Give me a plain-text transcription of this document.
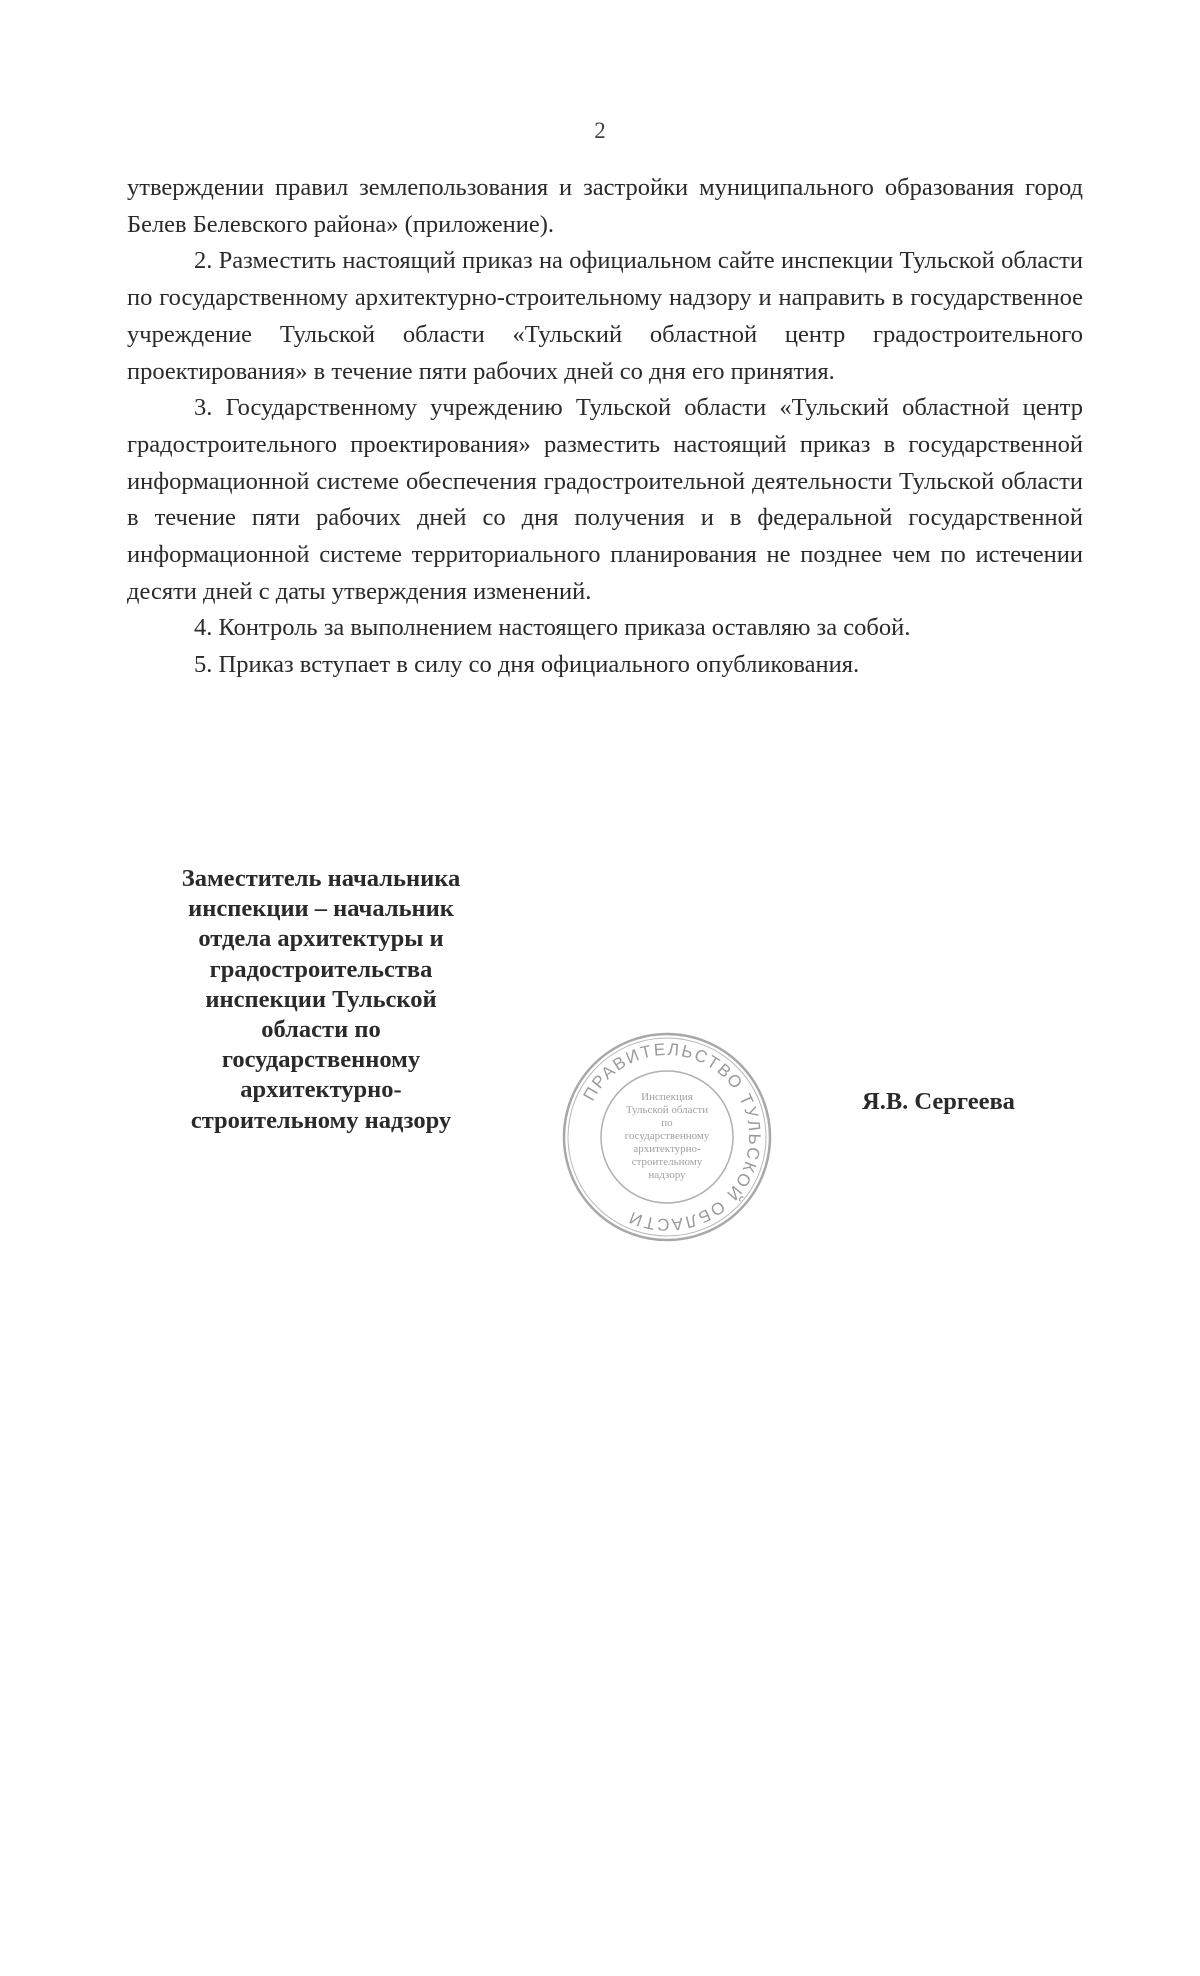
2

утверждении правил землепользования и застройки муниципального образования город Белев Белевского района» (приложение).

2. Разместить настоящий приказ на официальном сайте инспекции Тульской области по государственному архитектурно-строительному надзору и направить в государственное учреждение Тульской области «Тульский областной центр градостроительного проектирования» в течение пяти рабочих дней со дня его принятия.

3. Государственному учреждению Тульской области «Тульский областной центр градостроительного проектирования» разместить настоящий приказ в государственной информационной системе обеспечения градостроительной деятельности Тульской области в течение пяти рабочих дней со дня получения и в федеральной государственной информационной системе территориального планирования не позднее чем по истечении десяти дней с даты утверждения изменений.

4. Контроль за выполнением настоящего приказа оставляю за собой.

5. Приказ вступает в силу со дня официального опубликования.

Заместитель начальника
инспекции – начальник
отдела архитектуры и
градостроительства
инспекции Тульской
области по
государственному
архитектурно-
строительному надзору
ПРАВИТЕЛЬСТВО ТУЛЬСКОЙ ОБЛАСТИ
Инспекция
Тульской области
по
государственному
архитектурно-
строительному
надзору
Я.В. Сергеева
